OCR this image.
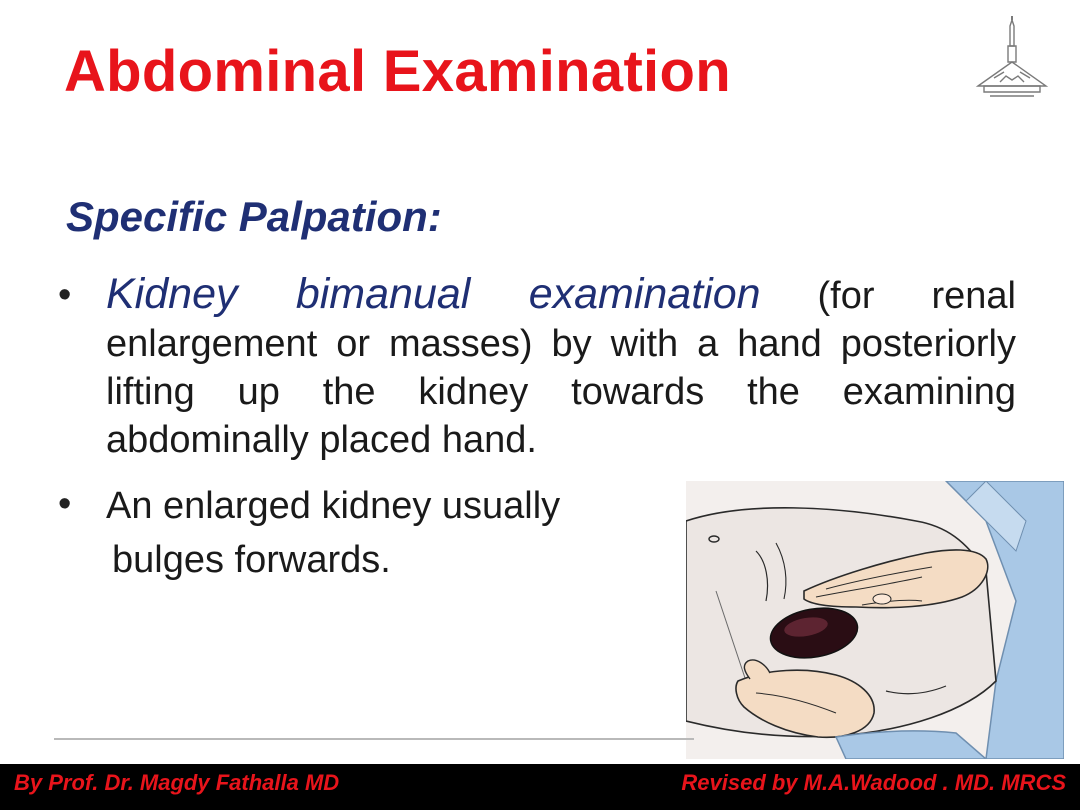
Abdominal Examination
Specific Palpation:
• Kidney bimanual examination (for renal enlargement or masses) by with a hand posteriorly lifting up the kidney towards the examining abdominally placed hand.
• An enlarged kidney usually
bulges forwards.

By Prof. Dr. Magdy Fathalla MD	Revised by M.A.Wadood . MD. MRCS
